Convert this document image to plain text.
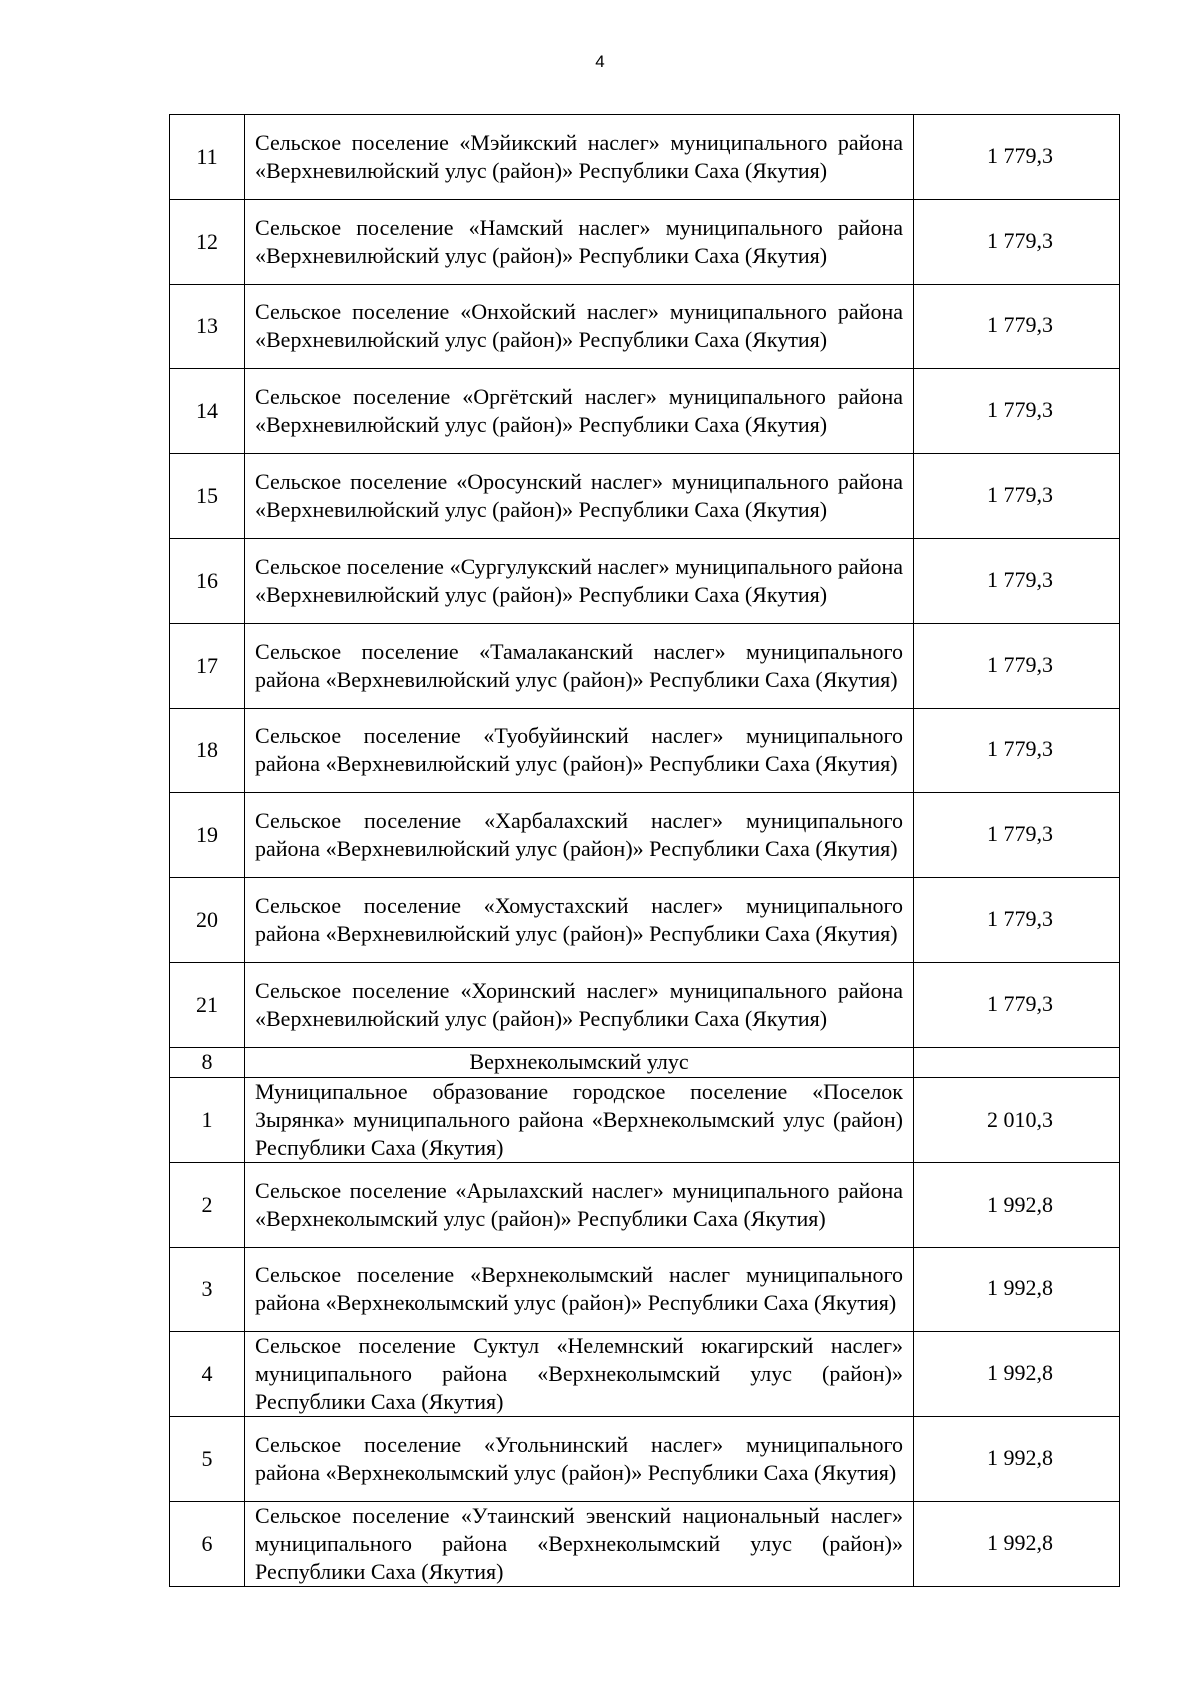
4
11	Сельское поселение «Мэйикский наслег» муниципального района «Верхневилюйский улус (район)» Республики Саха (Якутия)	1 779,3
12	Сельское поселение «Намский наслег» муниципального района «Верхневилюйский улус (район)» Республики Саха (Якутия)	1 779,3
13	Сельское поселение «Онхойский наслег» муниципального района «Верхневилюйский улус (район)» Республики Саха (Якутия)	1 779,3
14	Сельское поселение «Оргётский наслег» муниципального района «Верхневилюйский улус (район)» Республики Саха (Якутия)	1 779,3
15	Сельское поселение «Оросунский наслег» муниципального района «Верхневилюйский улус (район)» Республики Саха (Якутия)	1 779,3
16	Сельское поселение «Сургулукский наслег» муниципального района «Верхневилюйский улус (район)» Республики Саха (Якутия)	1 779,3
17	Сельское поселение «Тамалаканский наслег» муниципального района «Верхневилюйский улус (район)» Республики Саха (Якутия)	1 779,3
18	Сельское поселение «Туобуйинский наслег» муниципального района «Верхневилюйский улус (район)» Республики Саха (Якутия)	1 779,3
19	Сельское поселение «Харбалахский наслег» муниципального района «Верхневилюйский улус (район)» Республики Саха (Якутия)	1 779,3
20	Сельское поселение «Хомустахский наслег» муниципального района «Верхневилюйский улус (район)» Республики Саха (Якутия)	1 779,3
21	Сельское поселение «Хоринский наслег» муниципального района «Верхневилюйский улус (район)» Республики Саха (Якутия)	1 779,3
8	Верхнеколымский улус	
1	Муниципальное образование городское поселение «Поселок Зырянка» муниципального района «Верхнеколымский улус (район) Республики Саха (Якутия)	2 010,3
2	Сельское поселение «Арылахский наслег» муниципального района «Верхнеколымский улус (район)» Республики Саха (Якутия)	1 992,8
3	Сельское поселение «Верхнеколымский наслег муниципального района «Верхнеколымский улус (район)» Республики Саха (Якутия)	1 992,8
4	Сельское поселение Суктул «Нелемнский юкагирский наслег» муниципального района «Верхнеколымский улус (район)» Республики Саха (Якутия)	1 992,8
5	Сельское поселение «Угольнинский наслег» муниципального района «Верхнеколымский улус (район)» Республики Саха (Якутия)	1 992,8
6	Сельское поселение «Утаинский эвенский национальный наслег» муниципального района «Верхнеколымский улус (район)» Республики Саха (Якутия)	1 992,8
